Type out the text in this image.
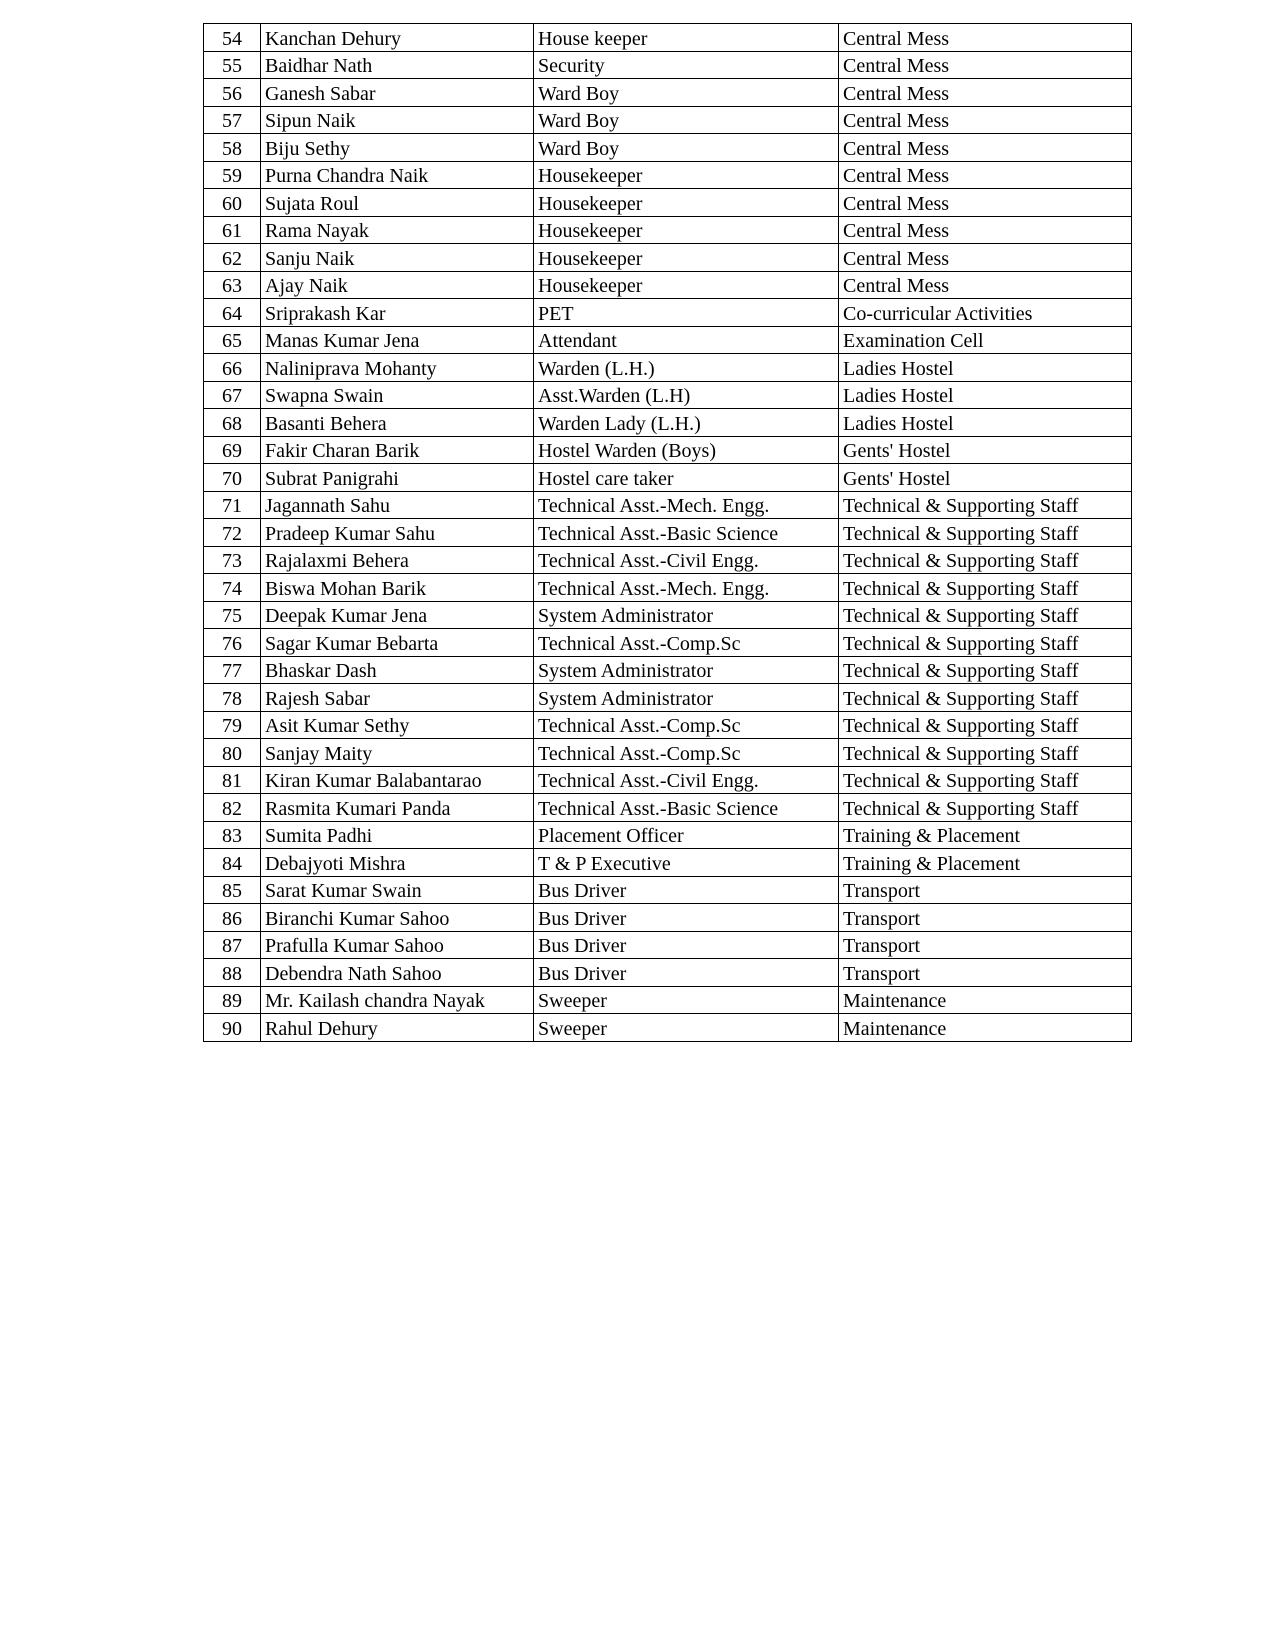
54	Kanchan Dehury	House keeper	Central Mess
55	Baidhar Nath	Security	Central Mess
56	Ganesh Sabar	Ward Boy	Central Mess
57	Sipun Naik	Ward Boy	Central Mess
58	Biju Sethy	Ward Boy	Central Mess
59	Purna Chandra Naik	Housekeeper	Central Mess
60	Sujata Roul	Housekeeper	Central Mess
61	Rama Nayak	Housekeeper	Central Mess
62	Sanju Naik	Housekeeper	Central Mess
63	Ajay Naik	Housekeeper	Central Mess
64	Sriprakash Kar	PET	Co-curricular Activities
65	Manas Kumar Jena	Attendant	Examination Cell
66	Naliniprava Mohanty	Warden (L.H.)	Ladies Hostel
67	Swapna Swain	Asst.Warden (L.H)	Ladies Hostel
68	Basanti Behera	Warden Lady (L.H.)	Ladies Hostel
69	Fakir Charan Barik	Hostel Warden (Boys)	Gents' Hostel
70	Subrat Panigrahi	Hostel care taker	Gents' Hostel
71	Jagannath Sahu	Technical Asst.-Mech. Engg.	Technical & Supporting Staff
72	Pradeep Kumar Sahu	Technical Asst.-Basic Science	Technical & Supporting Staff
73	Rajalaxmi Behera	Technical Asst.-Civil Engg.	Technical & Supporting Staff
74	Biswa Mohan Barik	Technical Asst.-Mech. Engg.	Technical & Supporting Staff
75	Deepak Kumar Jena	System Administrator	Technical & Supporting Staff
76	Sagar Kumar Bebarta	Technical Asst.-Comp.Sc	Technical & Supporting Staff
77	Bhaskar Dash	System Administrator	Technical & Supporting Staff
78	Rajesh Sabar	System Administrator	Technical & Supporting Staff
79	Asit Kumar Sethy	Technical Asst.-Comp.Sc	Technical & Supporting Staff
80	Sanjay Maity	Technical Asst.-Comp.Sc	Technical & Supporting Staff
81	Kiran Kumar Balabantarao	Technical Asst.-Civil Engg.	Technical & Supporting Staff
82	Rasmita Kumari Panda	Technical Asst.-Basic Science	Technical & Supporting Staff
83	Sumita Padhi	Placement Officer	Training & Placement
84	Debajyoti Mishra	T & P Executive	Training & Placement
85	Sarat Kumar Swain	Bus Driver	Transport
86	Biranchi Kumar Sahoo	Bus Driver	Transport
87	Prafulla Kumar Sahoo	Bus Driver	Transport
88	Debendra Nath Sahoo	Bus Driver	Transport
89	Mr. Kailash chandra Nayak	Sweeper	Maintenance
90	Rahul Dehury	Sweeper	Maintenance
